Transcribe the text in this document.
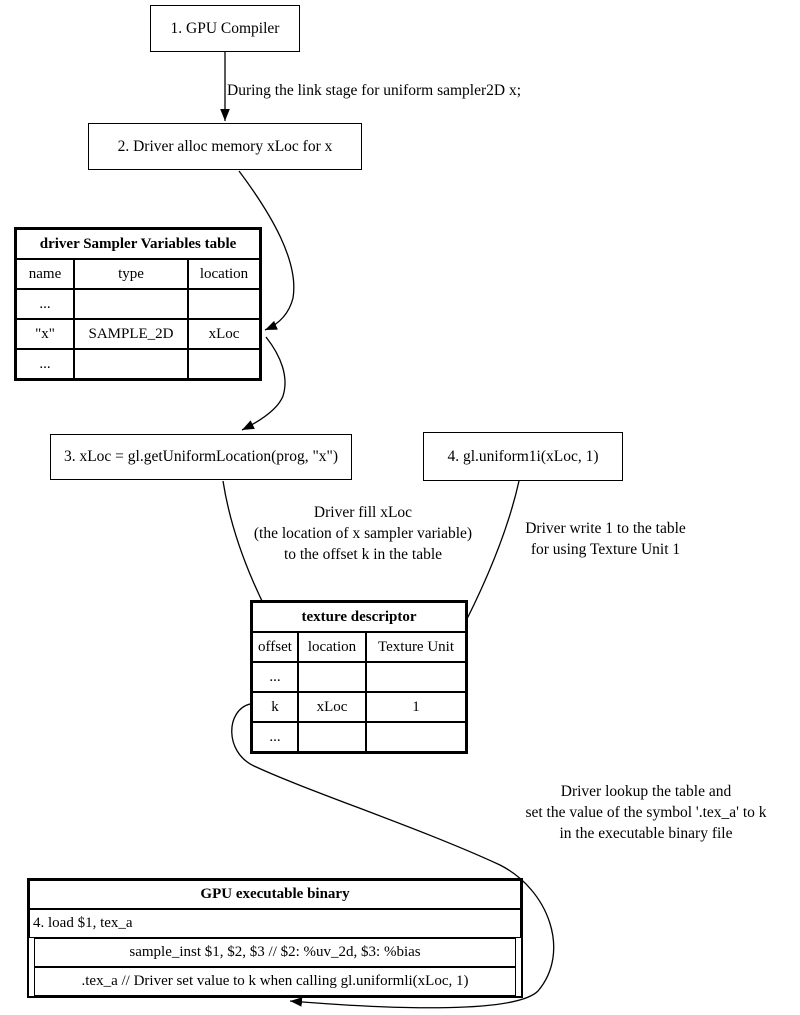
1. GPU Compiler
2. Driver alloc memory xLoc for x
3. xLoc = gl.getUniformLocation(prog, "x")	4. gl.uniform1i(xLoc, 1)
During the link stage for uniform sampler2D x;
driver Sampler Variables table		
name	type	location
...		
"x"	SAMPLE_2D	xLoc
...		
Driver fill xLoc
(the location of x sampler variable)
to the offset k in the table
Driver write 1 to the table
for using Texture Unit 1
texture descriptor		
offset	location	Texture Unit
...		
k	xLoc	1
...		
Driver lookup the table and
set the value of the symbol '.tex_a' to k
in the executable binary file
GPU executable binary
4. load $1, tex_a
sample_inst $1, $2, $3 // $2: %uv_2d, $3: %bias
.tex_a // Driver set value to k when calling gl.uniformli(xLoc, 1)
